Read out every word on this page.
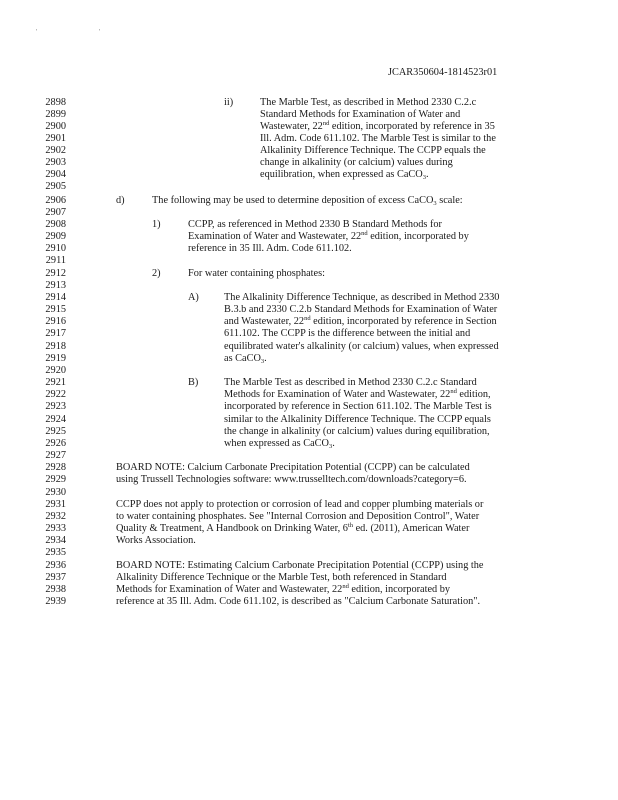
' '
JCAR350604-1814523r01
2898
2899
2900
2901
2902
2903
2904
2905
2906
2907
2908
2909
2910
2911
2912
2913
2914
2915
2916
2917
2918
2919
2920
2921
2922
2923
2924
2925
2926
2927
2928
2929
2930
2931
2932
2933
2934
2935
2936
2937
2938
2939
ii)	The Marble Test, as described in Method 2330 C.2.c
Standard Methods for Examination of Water and
Wastewater, 22nd edition, incorporated by reference in 35
Ill. Adm. Code 611.102. The Marble Test is similar to the
Alkalinity Difference Technique. The CCPP equals the
change in alkalinity (or calcium) values during
equilibration, when expressed as CaCO$_3$.
d)	The following may be used to determine deposition of excess CaCO$_3$ scale:
1)	CCPP, as referenced in Method 2330 B Standard Methods for
Examination of Water and Wastewater, 22nd edition, incorporated by
reference in 35 Ill. Adm. Code 611.102.
2)	For water containing phosphates:
A) The Alkalinity Difference Technique, as described in Method 2330
B.3.b and 2330 C.2.b Standard Methods for Examination of Water
and Wastewater, 22nd edition, incorporated by reference in Section
611.102. The CCPP is the difference between the initial and
equilibrated water's alkalinity (or calcium) values, when expressed
as CaCO$_3$.
B) The Marble Test as described in Method 2330 C.2.c Standard
Methods for Examination of Water and Wastewater, 22nd edition,
incorporated by reference in Section 611.102. The Marble Test is
similar to the Alkalinity Difference Technique. The CCPP equals
the change in alkalinity (or calcium) values during equilibration,
when expressed as CaCO$_3$.
BOARD NOTE: Calcium Carbonate Precipitation Potential (CCPP) can be calculated
using Trussell Technologies software: www.trusselltech.com/downloads?category=6.
CCPP does not apply to protection or corrosion of lead and copper plumbing materials or
to water containing phosphates. See "Internal Corrosion and Deposition Control", Water
Quality & Treatment, A Handbook on Drinking Water, 6th ed. (2011), American Water
Works Association.
BOARD NOTE: Estimating Calcium Carbonate Precipitation Potential (CCPP) using the
Alkalinity Difference Technique or the Marble Test, both referenced in Standard
Methods for Examination of Water and Wastewater, 22nd edition, incorporated by
reference at 35 Ill. Adm. Code 611.102, is described as "Calcium Carbonate Saturation".
